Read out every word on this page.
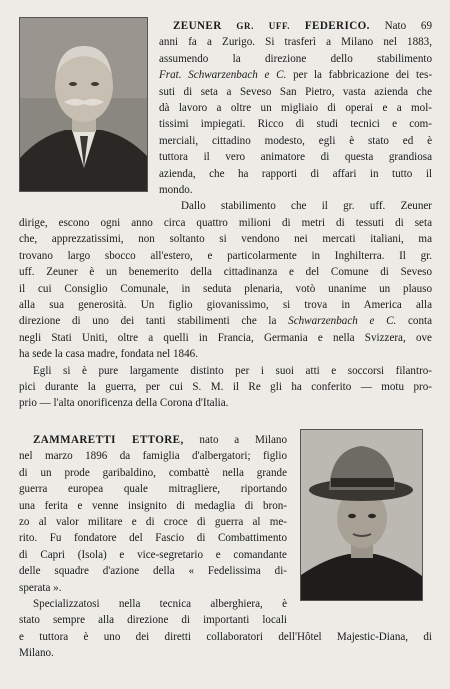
ZEUNER GR. UFF. FEDERICO. Nato 69
anni fa a Zurigo. Si trasferì a Milano nel 1883,
assumendo la direzione dello stabilimento
Frat. Schwarzenbach e C. per la fabbricazione dei tes-
suti di seta a Seveso San Pietro, vasta azienda che
dà lavoro a oltre un migliaio di operai e a mol-
tissimi impiegati. Ricco di studi tecnici e com-
merciali, cittadino modesto, egli è stato ed è
tuttora il vero animatore di questa grandiosa
azienda, che ha rapporti di affari in tutto il
mondo.
Dallo stabilimento che il gr. uff. Zeuner
dirige, escono ogni anno circa quattro milioni di metri di tessuti di seta
che, apprezzatissimi, non soltanto si vendono nei mercati italiani, ma
trovano largo sbocco all'estero, e particolarmente in Inghilterra. Il gr.
uff. Zeuner è un benemerito della cittadinanza e del Comune di Seveso
il cui Consiglio Comunale, in seduta plenaria, votò unanime un plauso
alla sua generosità. Un figlio giovanissimo, si trova in America alla
direzione di uno dei tanti stabilimenti che la Schwarzenbach e C. conta
negli Stati Uniti, oltre a quelli in Francia, Germania e nella Svizzera, ove
ha sede la casa madre, fondata nel 1846.
Egli si è pure largamente distinto per i suoi atti e soccorsi filantro-
pici durante la guerra, per cui S. M. il Re gli ha conferito — motu pro-
prio — l'alta onorificenza della Corona d'Italia.
ZAMMARETTI ETTORE, nato a Milano
nel marzo 1896 da famiglia d'albergatori; figlio
di un prode garibaldino, combattè nella grande
guerra europea quale mitragliere, riportando
una ferita e venne insignito di medaglia di bron-
zo al valor militare e di croce di guerra al me-
rito. Fu fondatore del Fascio di Combattimento
di Capri (Isola) e vice-segretario e comandante
delle squadre d'azione della « Fedelissima di-
sperata ».
Specializzatosi nella tecnica alberghiera, è
stato sempre alla direzione di importanti locali
e tuttora è uno dei diretti collaboratori dell'Hôtel Majestic-Diana, di
Milano.
